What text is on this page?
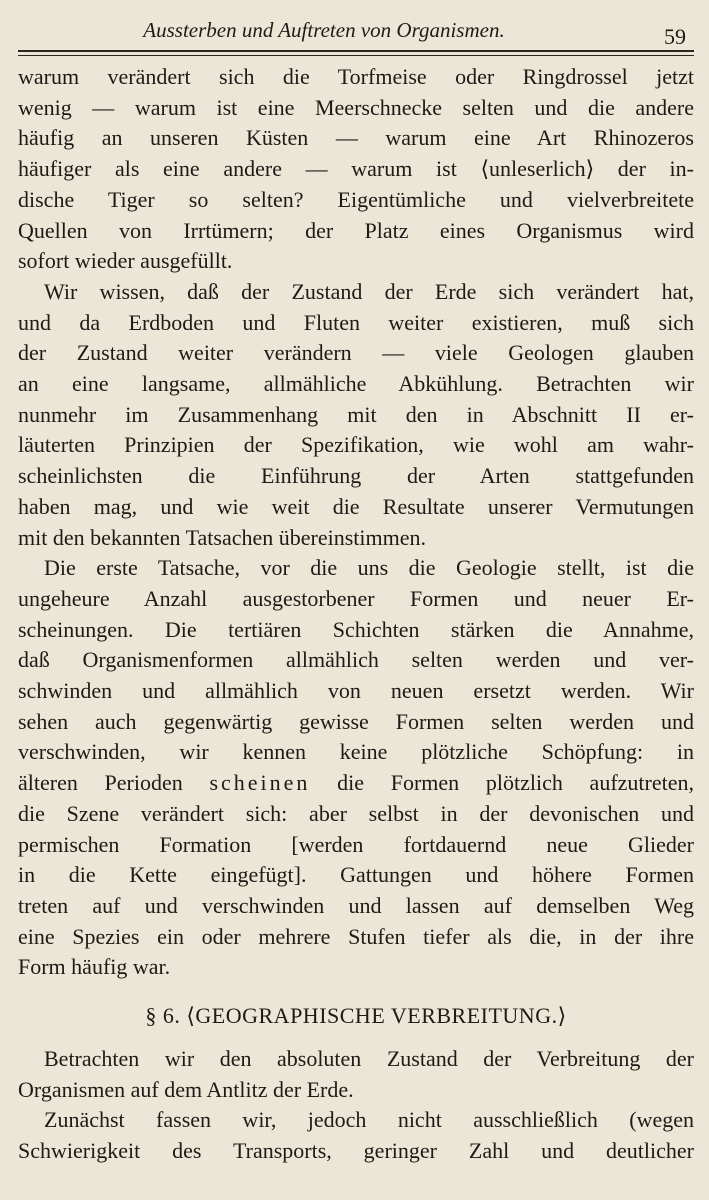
Aussterben und Auftreten von Organismen.	59

warum verändert sich die Torfmeise oder Ringdrossel jetzt
wenig — warum ist eine Meerschnecke selten und die andere
häufig an unseren Küsten — warum eine Art Rhinozeros
häufiger als eine andere — warum ist ⟨unleserlich⟩ der in-
dische Tiger so selten? Eigentümliche und vielverbreitete
Quellen von Irrtümern; der Platz eines Organismus wird
sofort wieder ausgefüllt.

Wir wissen, daß der Zustand der Erde sich verändert hat,
und da Erdboden und Fluten weiter existieren, muß sich
der Zustand weiter verändern — viele Geologen glauben
an eine langsame, allmähliche Abkühlung. Betrachten wir
nunmehr im Zusammenhang mit den in Abschnitt II er-
läuterten Prinzipien der Spezifikation, wie wohl am wahr-
scheinlichsten die Einführung der Arten stattgefunden
haben mag, und wie weit die Resultate unserer Vermutungen
mit den bekannten Tatsachen übereinstimmen.

Die erste Tatsache, vor die uns die Geologie stellt, ist die
ungeheure Anzahl ausgestorbener Formen und neuer Er-
scheinungen. Die tertiären Schichten stärken die Annahme,
daß Organismenformen allmählich selten werden und ver-
schwinden und allmählich von neuen ersetzt werden. Wir
sehen auch gegenwärtig gewisse Formen selten werden und
verschwinden, wir kennen keine plötzliche Schöpfung: in
älteren Perioden scheinen die Formen plötzlich aufzutreten,
die Szene verändert sich: aber selbst in der devonischen und
permischen Formation [werden fortdauernd neue Glieder
in die Kette eingefügt]. Gattungen und höhere Formen
treten auf und verschwinden und lassen auf demselben Weg
eine Spezies ein oder mehrere Stufen tiefer als die, in der ihre
Form häufig war.

§ 6. ⟨GEOGRAPHISCHE VERBREITUNG.⟩

Betrachten wir den absoluten Zustand der Verbreitung der
Organismen auf dem Antlitz der Erde.

Zunächst fassen wir, jedoch nicht ausschließlich (wegen
Schwierigkeit des Transports, geringer Zahl und deutlicher
